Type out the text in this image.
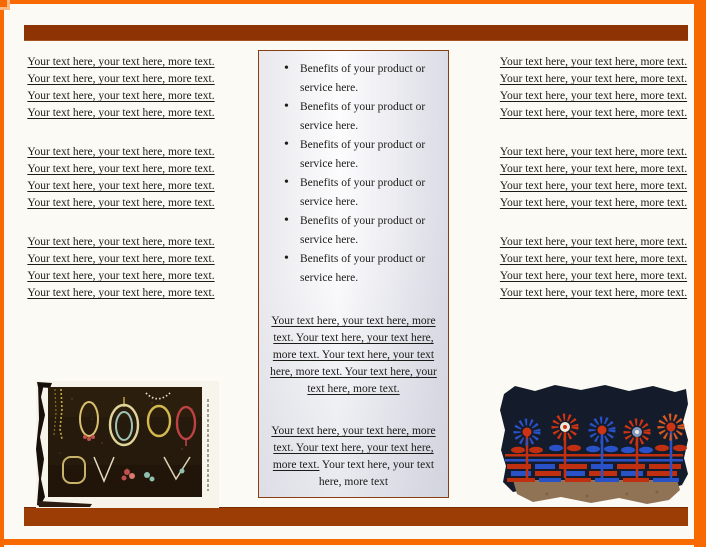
Your text here, your text here, more text. Your text here, your text here, more text. Your text here, your text here, more text. Your text here, your text here, more text.

Your text here, your text here, more text. Your text here, your text here, more text. Your text here, your text here, more text. Your text here, your text here, more text.

Your text here, your text here, more text. Your text here, your text here, more text. Your text here, your text here, more text. Your text here, your text here, more text.

• Benefits of your product or service here.
• Benefits of your product or service here.
• Benefits of your product or service here.
• Benefits of your product or service here.
• Benefits of your product or service here.
• Benefits of your product or service here.

Your text here, your text here, more text. Your text here, your text here, more text. Your text here, your text here, more text. Your text here, your text here, more text.

Your text here, your text here, more text. Your text here, your text here, more text. Your text here, your text here, more text

Your text here, your text here, more text. Your text here, your text here, more text. Your text here, your text here, more text. Your text here, your text here, more text.

Your text here, your text here, more text. Your text here, your text here, more text. Your text here, your text here, more text. Your text here, your text here, more text.

Your text here, your text here, more text. Your text here, your text here, more text. Your text here, your text here, more text. Your text here, your text here, more text.
